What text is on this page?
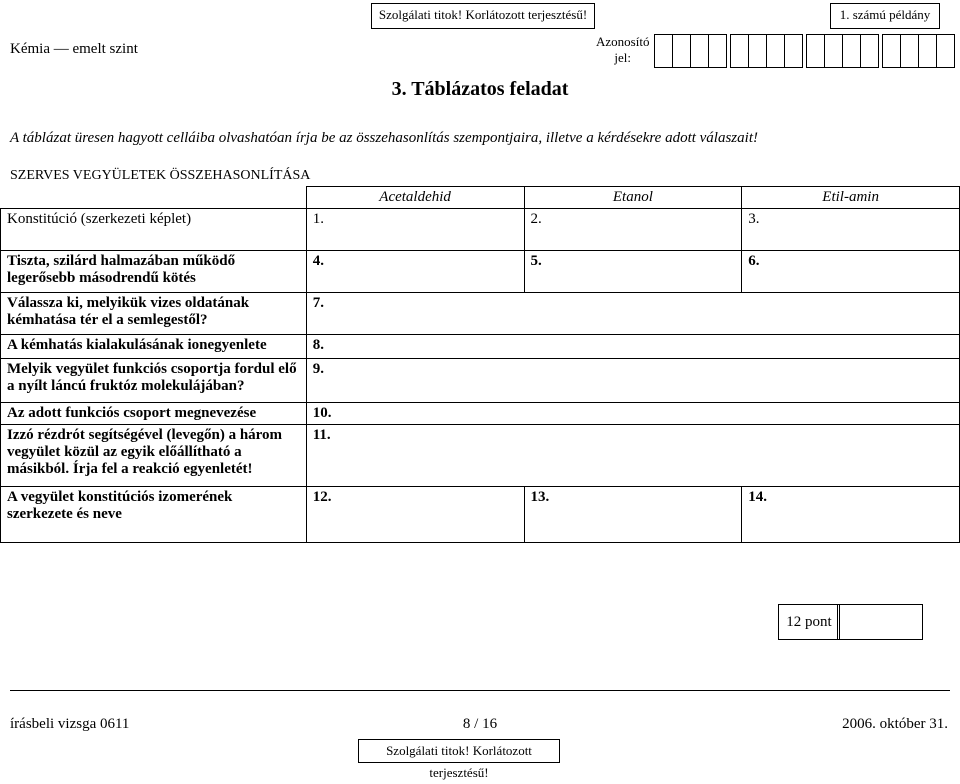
Szolgálati titok! Korlátozott terjesztésű!	1. számú példány
Kémia — emelt szint	Azonosító
jel:
3. Táblázatos feladat
A táblázat üresen hagyott celláiba olvashatóan írja be az összehasonlítás szempontjaira, illetve a kérdésekre adott válaszait!
SZERVES VEGYÜLETEK ÖSSZEHASONLÍTÁSA
	Acetaldehid	Etanol	Etil-amin
Konstitúció (szerkezeti képlet)	1.	2.	3.
Tiszta, szilárd halmazában működő legerősebb másodrendű kötés	4.	5.	6.
Válassza ki, melyikük vizes oldatának kémhatása tér el a semlegestől?	7.		
A kémhatás kialakulásának ionegyenlete	8.		
Melyik vegyület funkciós csoportja fordul elő a nyílt láncú fruktóz molekulájában?	9.		
Az adott funkciós csoport megnevezése	10.		
Izzó rézdrót segítségével (levegőn) a három vegyület közül az egyik előállítható a másikból. Írja fel a reakció egyenletét!	11.		
A vegyület konstitúciós izomerének szerkezete és neve	12.	13.	14.
12 pont
írásbeli vizsga 0611	8 / 16	2006. október 31.
Szolgálati titok! Korlátozott terjesztésű!
